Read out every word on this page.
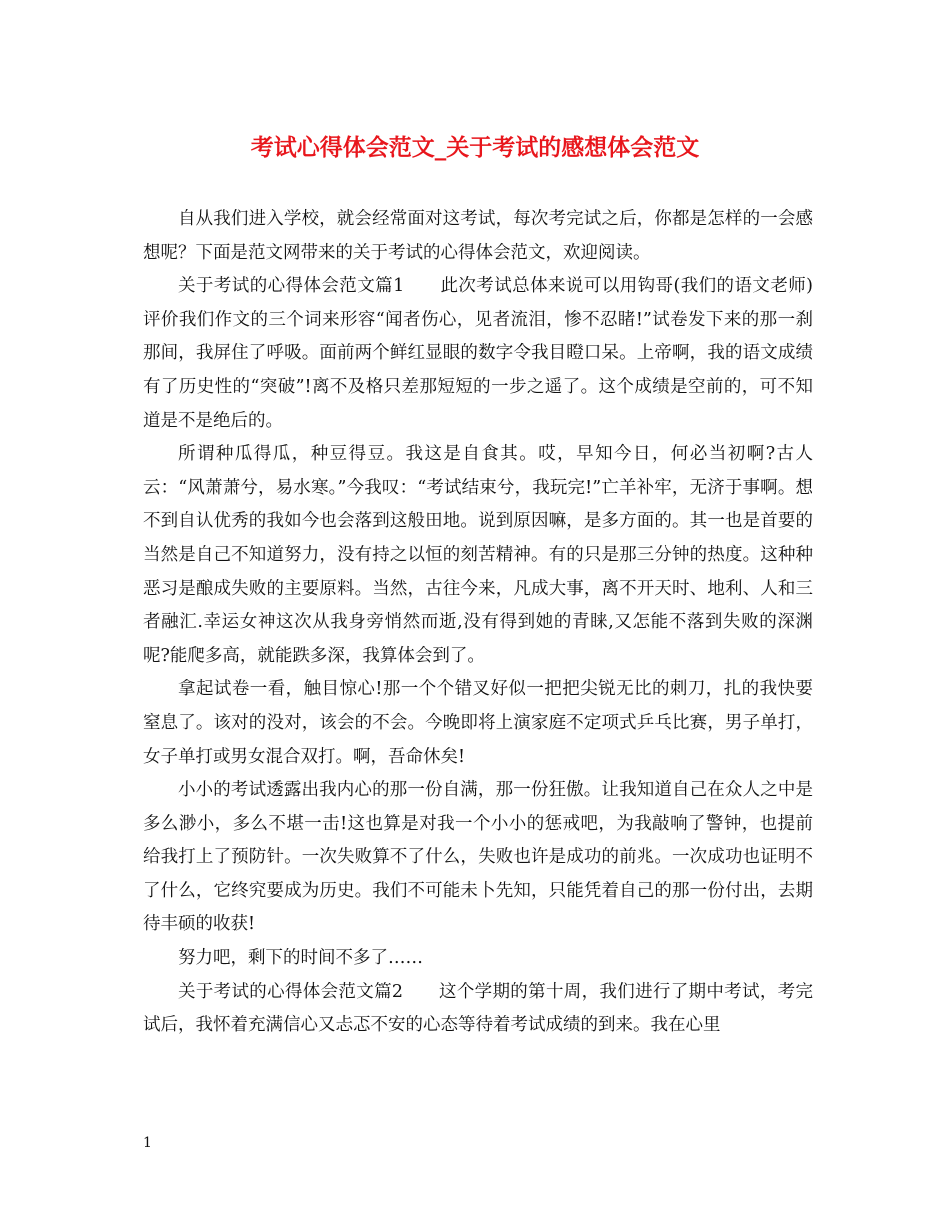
考试心得体会范文_关于考试的感想体会范文

自从我们进入学校，就会经常面对这考试，每次考完试之后，你都是怎样的一会感想呢？下面是范文网带来的关于考试的心得体会范文，欢迎阅读。

关于考试的心得体会范文篇1　　此次考试总体来说可以用钩哥(我们的语文老师)评价我们作文的三个词来形容“闻者伤心，见者流泪，惨不忍睹!”试卷发下来的那一刹那间，我屏住了呼吸。面前两个鲜红显眼的数字令我目瞪口呆。上帝啊，我的语文成绩有了历史性的“突破”!离不及格只差那短短的一步之遥了。这个成绩是空前的，可不知道是不是绝后的。

所谓种瓜得瓜，种豆得豆。我这是自食其。哎，早知今日，何必当初啊?古人云：“风萧萧兮，易水寒。”今我叹：“考试结束兮，我玩完!”亡羊补牢，无济于事啊。想不到自认优秀的我如今也会落到这般田地。说到原因嘛，是多方面的。其一也是首要的当然是自己不知道努力，没有持之以恒的刻苦精神。有的只是那三分钟的热度。这种种恶习是酿成失败的主要原料。当然，古往今来，凡成大事，离不开天时、地利、人和三者融汇.幸运女神这次从我身旁悄然而逝,没有得到她的青睐,又怎能不落到失败的深渊呢?能爬多高，就能跌多深，我算体会到了。

拿起试卷一看，触目惊心!那一个个错叉好似一把把尖锐无比的刺刀，扎的我快要窒息了。该对的没对，该会的不会。今晚即将上演家庭不定项式乒乓比赛，男子单打，女子单打或男女混合双打。啊，吾命休矣!

小小的考试透露出我内心的那一份自满，那一份狂傲。让我知道自己在众人之中是多么渺小，多么不堪一击!这也算是对我一个小小的惩戒吧，为我敲响了警钟，也提前给我打上了预防针。一次失败算不了什么，失败也许是成功的前兆。一次成功也证明不了什么，它终究要成为历史。我们不可能未卜先知，只能凭着自己的那一份付出，去期待丰硕的收获!

努力吧，剩下的时间不多了……

关于考试的心得体会范文篇2　　这个学期的第十周，我们进行了期中考试，考完试后，我怀着充满信心又忐忑不安的心态等待着考试成绩的到来。我在心里

1
